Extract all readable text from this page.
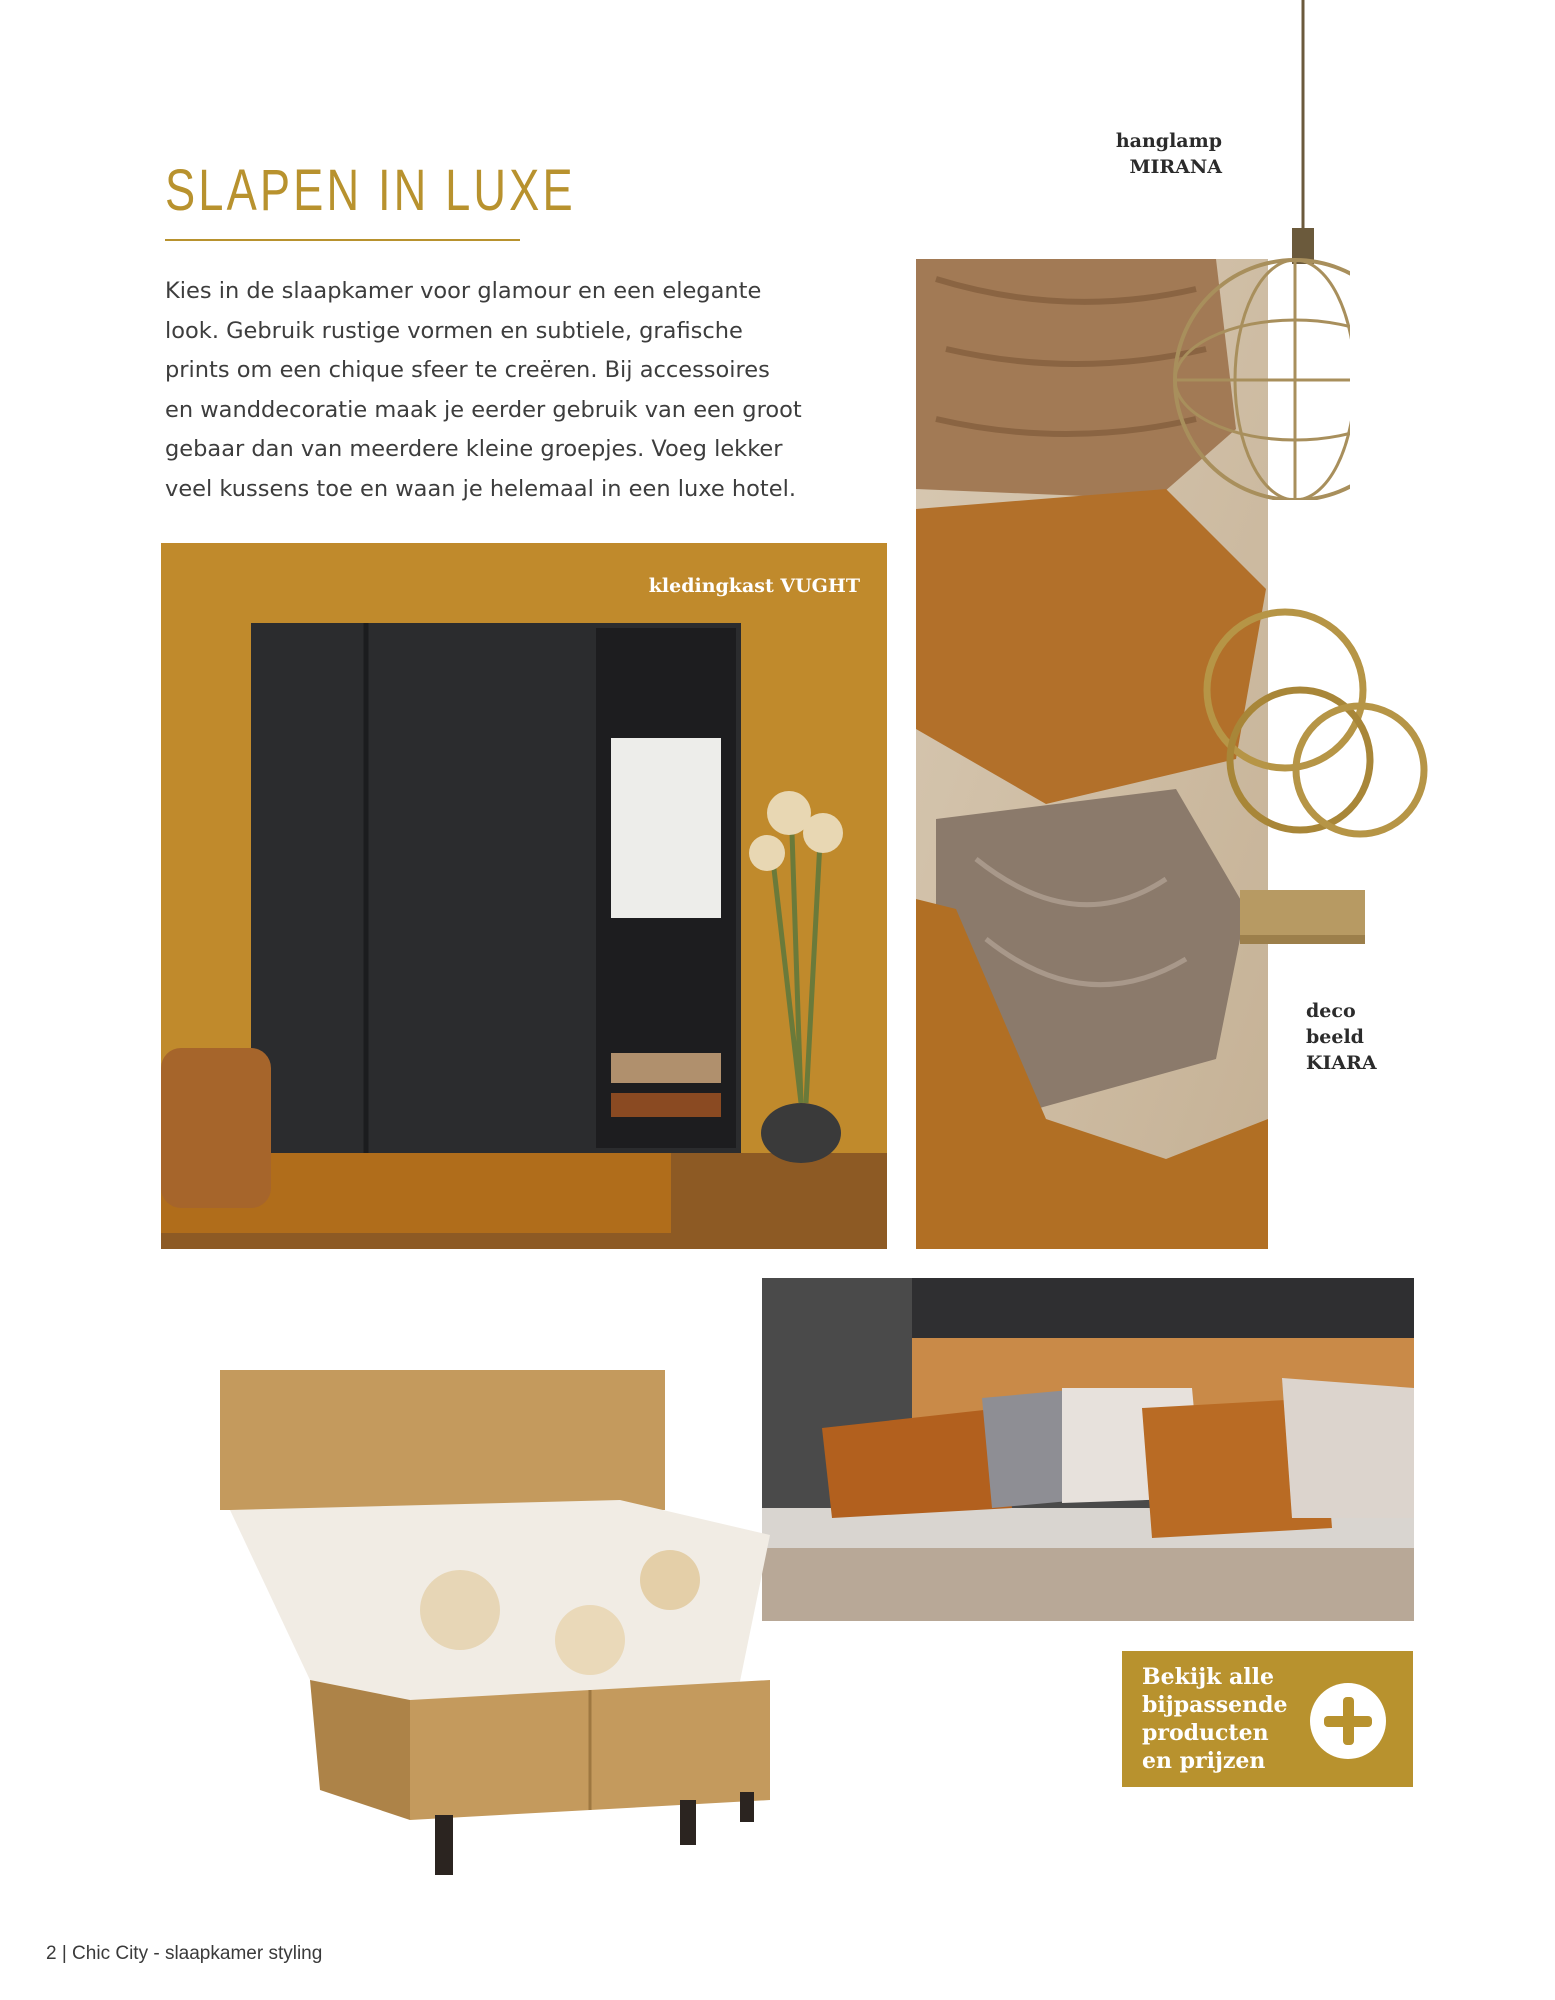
SLAPEN IN LUXE

Kies in de slaapkamer voor glamour en een elegante

look. Gebruik rustige vormen en subtiele, grafische

prints om een chique sfeer te creëren. Bij accessoires

en wanddecoratie maak je eerder gebruik van een groot

gebaar dan van meerdere kleine groepjes. Voeg lekker

veel kussens toe en waan je helemaal in een luxe hotel.

hanglamp
MIRANA
deco
beeld
KIARA
kledingkast VUGHT
Bekijk alle
bijpassende
producten
en prijzen
2 | Chic City - slaapkamer styling
